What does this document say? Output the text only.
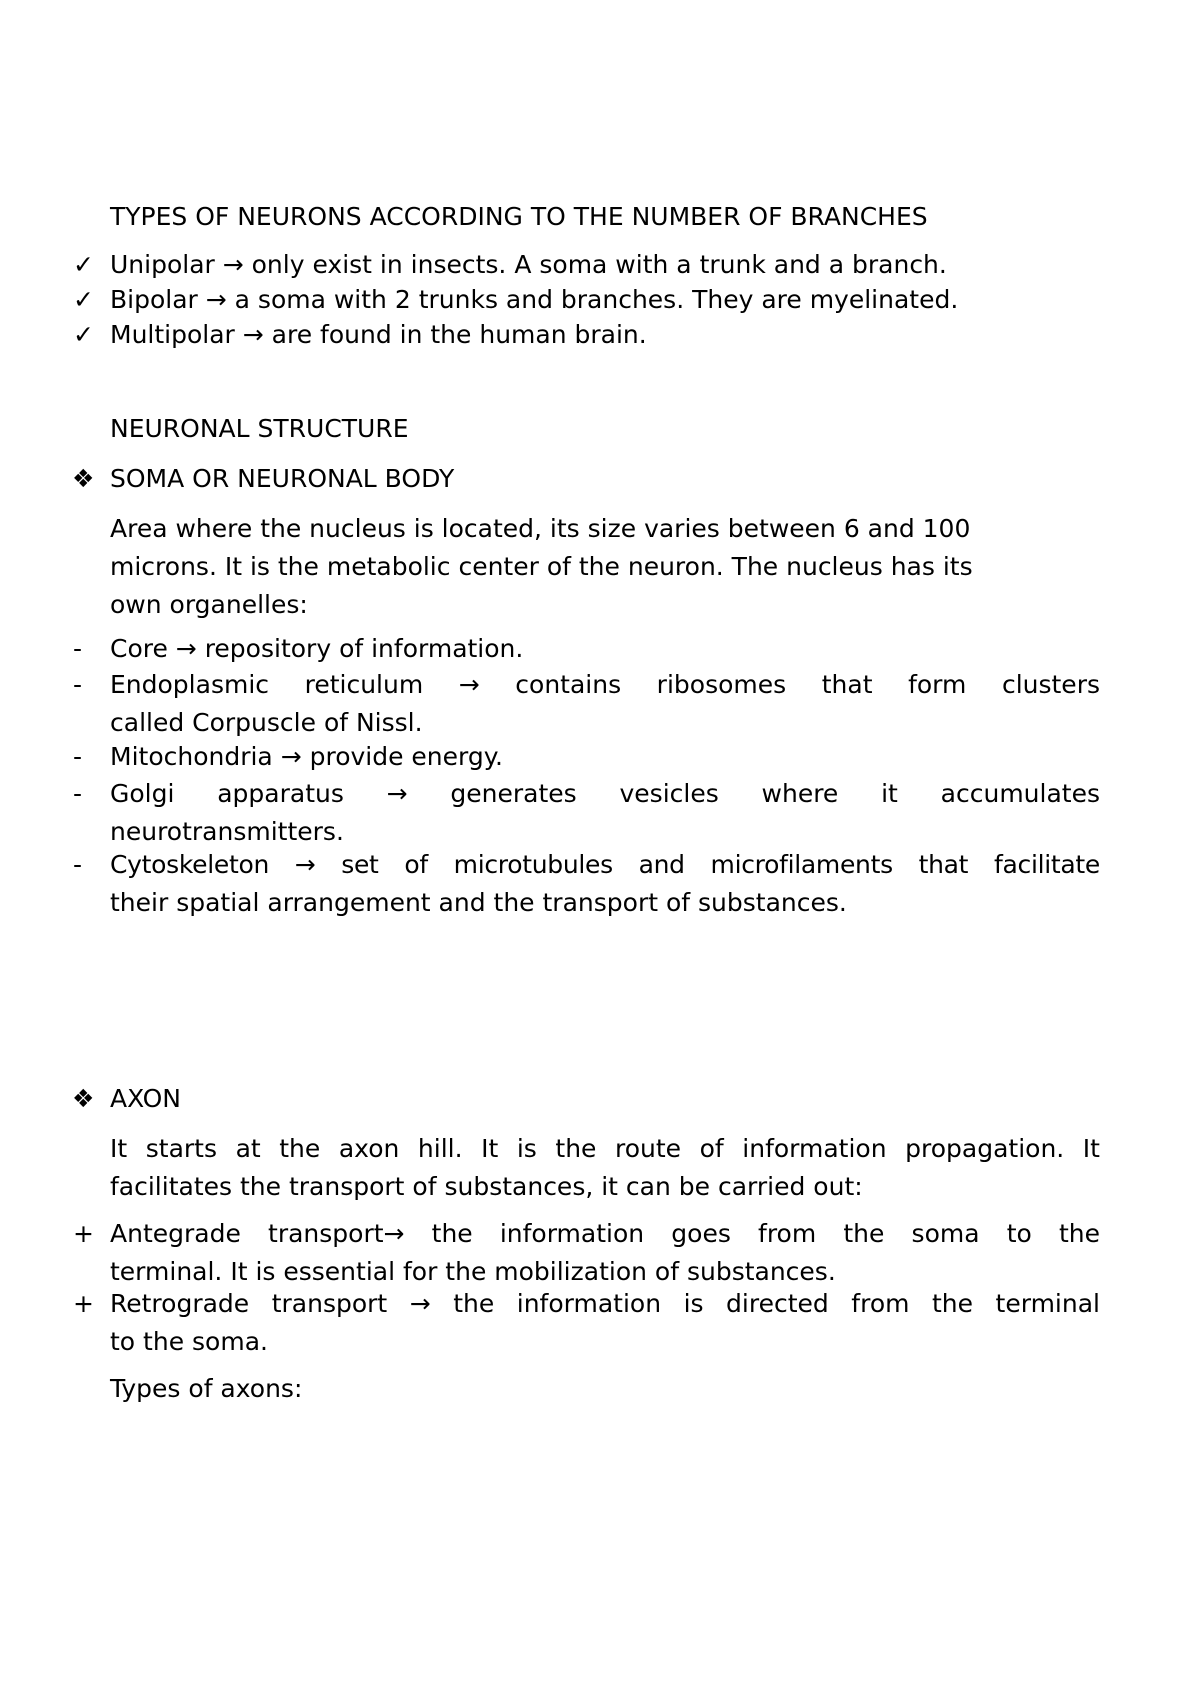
TYPES OF NEURONS ACCORDING TO THE NUMBER OF BRANCHES
✓ Unipolar → only exist in insects. A soma with a trunk and a branch.
✓ Bipolar → a soma with 2 trunks and branches. They are myelinated.
✓ Multipolar → are found in the human brain.
NEURONAL STRUCTURE
❖ SOMA OR NEURONAL BODY
Area where the nucleus is located, its size varies between 6 and 100
microns. It is the metabolic center of the neuron. The nucleus has its
own organelles:
-	Core → repository of information.
-	Endoplasmic reticulum → contains ribosomes that form clusters
called Corpuscle of Nissl.
-	Mitochondria → provide energy.
-	Golgi apparatus → generates vesicles where it accumulates
neurotransmitters.
-	Cytoskeleton → set of microtubules and microfilaments that facilitate
their spatial arrangement and the transport of substances.
❖ AXON
It starts at the axon hill. It is the route of information propagation. It
facilitates the transport of substances, it can be carried out:
+ Antegrade transport→ the information goes from the soma to the
terminal. It is essential for the mobilization of substances.
+ Retrograde transport → the information is directed from the terminal
to the soma.
Types of axons:
